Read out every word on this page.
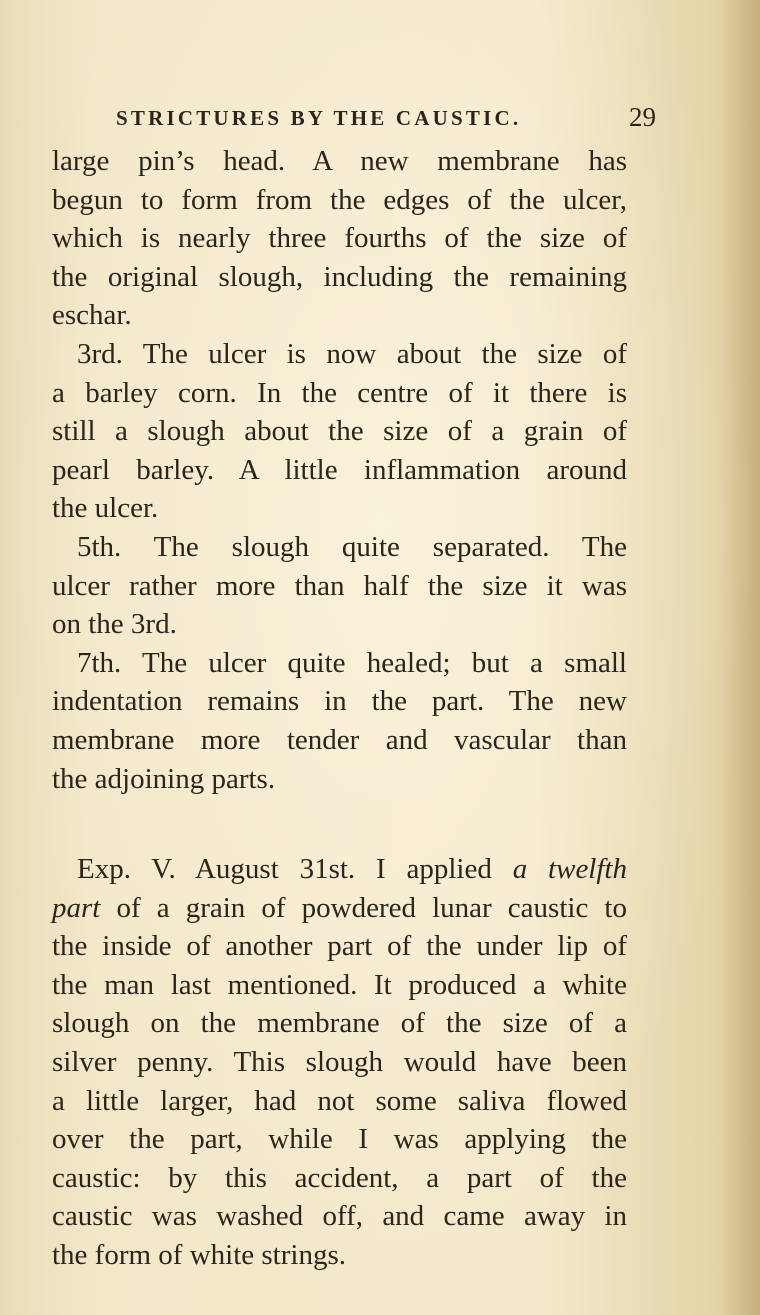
STRICTURES BY THE CAUSTIC.	29
large pin’s head. A new membrane has
begun to form from the edges of the ulcer,
which is nearly three fourths of the size of
the original slough, including the remaining
eschar.
3rd. The ulcer is now about the size of
a barley corn. In the centre of it there is
still a slough about the size of a grain of
pearl barley. A little inflammation around
the ulcer.
5th. The slough quite separated. The
ulcer rather more than half the size it was
on the 3rd.
7th. The ulcer quite healed; but a small
indentation remains in the part. The new
membrane more tender and vascular than
the adjoining parts.
Exp. V. August 31st. I applied a twelfth
part of a grain of powdered lunar caustic to
the inside of another part of the under lip of
the man last mentioned. It produced a white
slough on the membrane of the size of a
silver penny. This slough would have been
a little larger, had not some saliva flowed
over the part, while I was applying the
caustic: by this accident, a part of the
caustic was washed off, and came away in
the form of white strings.
